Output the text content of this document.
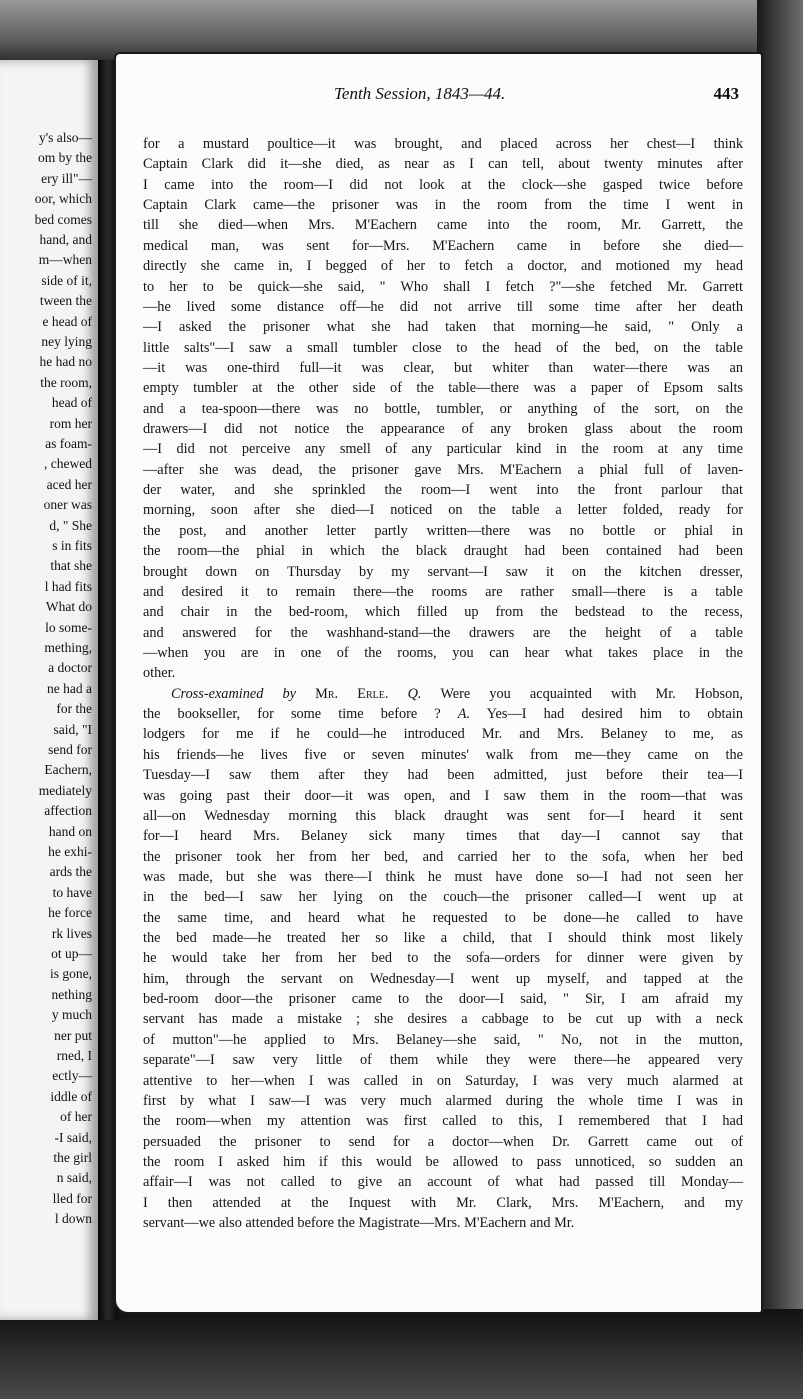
y's also—
om by the
ery ill"—
oor, which
bed comes
hand, and
m—when
side of it,
tween the
e head of
ney lying
he had no
the room,
head of
rom her
as foam-
, chewed
aced her
oner was
d, " She
s in fits
that she
l had fits
What do
lo some-
mething,
a doctor
ne had a
for the
said, "I
send for
Eachern,
mediately
affection
hand on
he exhi-
ards the
to have
he force
rk lives
ot up—
is gone,
nething
y much
ner put
rned, I
ectly—
iddle of
of her
-I said,
the girl
n said,
lled for
l down
Tenth Session, 1843—44.	443
for a mustard poultice—it was brought, and placed across her chest—I think
Captain Clark did it—she died, as near as I can tell, about twenty minutes after
I came into the room—I did not look at the clock—she gasped twice before
Captain Clark came—the prisoner was in the room from the time I went in
till she died—when Mrs. M'Eachern came into the room, Mr. Garrett, the
medical man, was sent for—Mrs. M'Eachern came in before she died—
directly she came in, I begged of her to fetch a doctor, and motioned my head
to her to be quick—she said, " Who shall I fetch ?"—she fetched Mr. Garrett
—he lived some distance off—he did not arrive till some time after her death
—I asked the prisoner what she had taken that morning—he said, " Only a
little salts"—I saw a small tumbler close to the head of the bed, on the table
—it was one-third full—it was clear, but whiter than water—there was an
empty tumbler at the other side of the table—there was a paper of Epsom salts
and a tea-spoon—there was no bottle, tumbler, or anything of the sort, on the
drawers—I did not notice the appearance of any broken glass about the room
—I did not perceive any smell of any particular kind in the room at any time
—after she was dead, the prisoner gave Mrs. M'Eachern a phial full of laven-
der water, and she sprinkled the room—I went into the front parlour that
morning, soon after she died—I noticed on the table a letter folded, ready for
the post, and another letter partly written—there was no bottle or phial in
the room—the phial in which the black draught had been contained had been
brought down on Thursday by my servant—I saw it on the kitchen dresser,
and desired it to remain there—the rooms are rather small—there is a table
and chair in the bed-room, which filled up from the bedstead to the recess,
and answered for the washhand-stand—the drawers are the height of a table
—when you are in one of the rooms, you can hear what takes place in the
other.
Cross-examined by Mr. Erle. Q. Were you acquainted with Mr. Hobson,
the bookseller, for some time before ? A. Yes—I had desired him to obtain
lodgers for me if he could—he introduced Mr. and Mrs. Belaney to me, as
his friends—he lives five or seven minutes' walk from me—they came on the
Tuesday—I saw them after they had been admitted, just before their tea—I
was going past their door—it was open, and I saw them in the room—that was
all—on Wednesday morning this black draught was sent for—I heard it sent
for—I heard Mrs. Belaney sick many times that day—I cannot say that
the prisoner took her from her bed, and carried her to the sofa, when her bed
was made, but she was there—I think he must have done so—I had not seen her
in the bed—I saw her lying on the couch—the prisoner called—I went up at
the same time, and heard what he requested to be done—he called to have
the bed made—he treated her so like a child, that I should think most likely
he would take her from her bed to the sofa—orders for dinner were given by
him, through the servant on Wednesday—I went up myself, and tapped at the
bed-room door—the prisoner came to the door—I said, " Sir, I am afraid my
servant has made a mistake ; she desires a cabbage to be cut up with a neck
of mutton"—he applied to Mrs. Belaney—she said, " No, not in the mutton,
separate"—I saw very little of them while they were there—he appeared very
attentive to her—when I was called in on Saturday, I was very much alarmed at
first by what I saw—I was very much alarmed during the whole time I was in
the room—when my attention was first called to this, I remembered that I had
persuaded the prisoner to send for a doctor—when Dr. Garrett came out of
the room I asked him if this would be allowed to pass unnoticed, so sudden an
affair—I was not called to give an account of what had passed till Monday—
I then attended at the Inquest with Mr. Clark, Mrs. M'Eachern, and my
servant—we also attended before the Magistrate—Mrs. M'Eachern and Mr.
